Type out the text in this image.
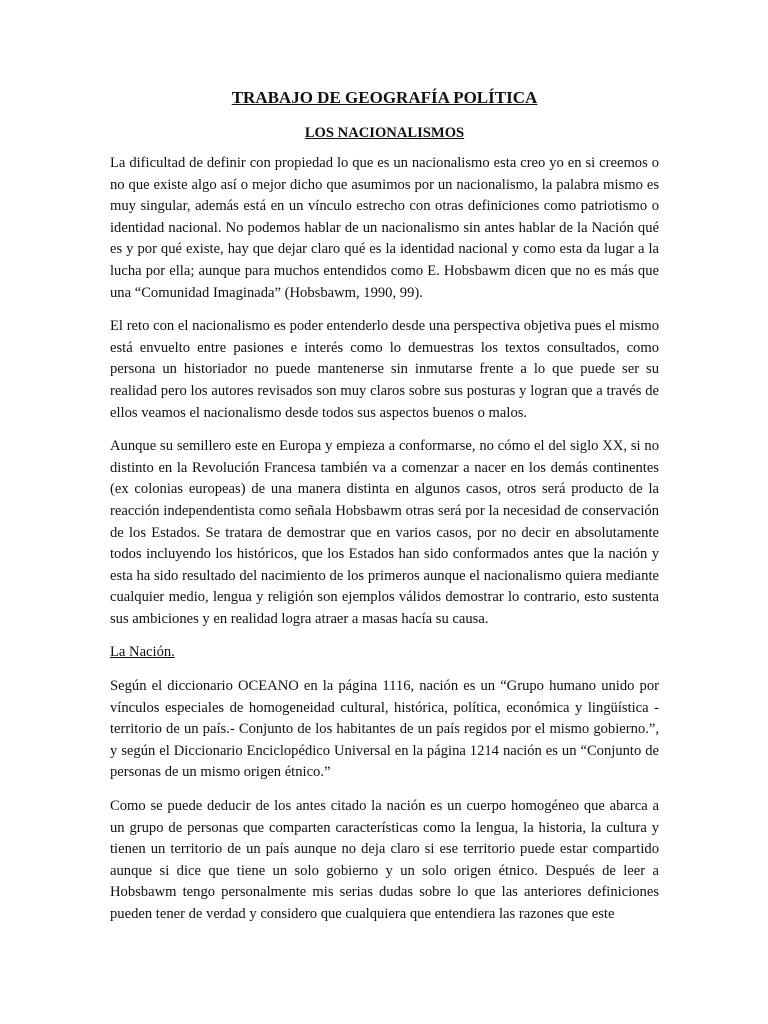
TRABAJO DE GEOGRAFÍA POLÍTICA
LOS NACIONALISMOS

La dificultad de definir con propiedad lo que es un nacionalismo esta creo yo en si creemos o no que existe algo así o mejor dicho que asumimos por un nacionalismo, la palabra mismo es muy singular, además está en un vínculo estrecho con otras definiciones como patriotismo o identidad nacional. No podemos hablar de un nacionalismo sin antes hablar de la Nación qué es y por qué existe, hay que dejar claro qué es la identidad nacional y como esta da lugar a la lucha por ella; aunque para muchos entendidos como E. Hobsbawm dicen que no es más que una “Comunidad Imaginada” (Hobsbawm, 1990, 99).

El reto con el nacionalismo es poder entenderlo desde una perspectiva objetiva pues el mismo está envuelto entre pasiones e interés como lo demuestras los textos consultados, como persona un historiador no puede mantenerse sin inmutarse frente a lo que puede ser su realidad pero los autores revisados son muy claros sobre sus posturas y logran que a través de ellos veamos el nacionalismo desde todos sus aspectos buenos o malos.

Aunque su semillero este en Europa y empieza a conformarse, no cómo el del siglo XX, si no distinto en la Revolución Francesa también va a comenzar a nacer en los demás continentes (ex colonias europeas) de una manera distinta en algunos casos, otros será producto de la reacción independentista como señala Hobsbawm otras será por la necesidad de conservación de los Estados. Se tratara de demostrar que en varios casos, por no decir en absolutamente todos incluyendo los históricos, que los Estados han sido conformados antes que la nación y esta ha sido resultado del nacimiento de los primeros aunque el nacionalismo quiera mediante cualquier medio, lengua y religión son ejemplos válidos demostrar lo contrario, esto sustenta sus ambiciones y en realidad logra atraer a masas hacía su causa.

La Nación.

Según el diccionario OCEANO en la página 1116, nación es un “Grupo humano unido por vínculos especiales de homogeneidad cultural, histórica, política, económica y lingüística -territorio de un país.- Conjunto de los habitantes de un país regidos por el mismo gobierno.”, y según el Diccionario Enciclopédico Universal en la página 1214 nación es un “Conjunto de personas de un mismo origen étnico.”

Como se puede deducir de los antes citado la nación es un cuerpo homogéneo que abarca a un grupo de personas que comparten características como la lengua, la historia, la cultura y tienen un territorio de un país aunque no deja claro si ese territorio puede estar compartido aunque si dice que tiene un solo gobierno y un solo origen étnico. Después de leer a Hobsbawm tengo personalmente mis serias dudas sobre lo que las anteriores definiciones pueden tener de verdad y considero que cualquiera que entendiera las razones que este
